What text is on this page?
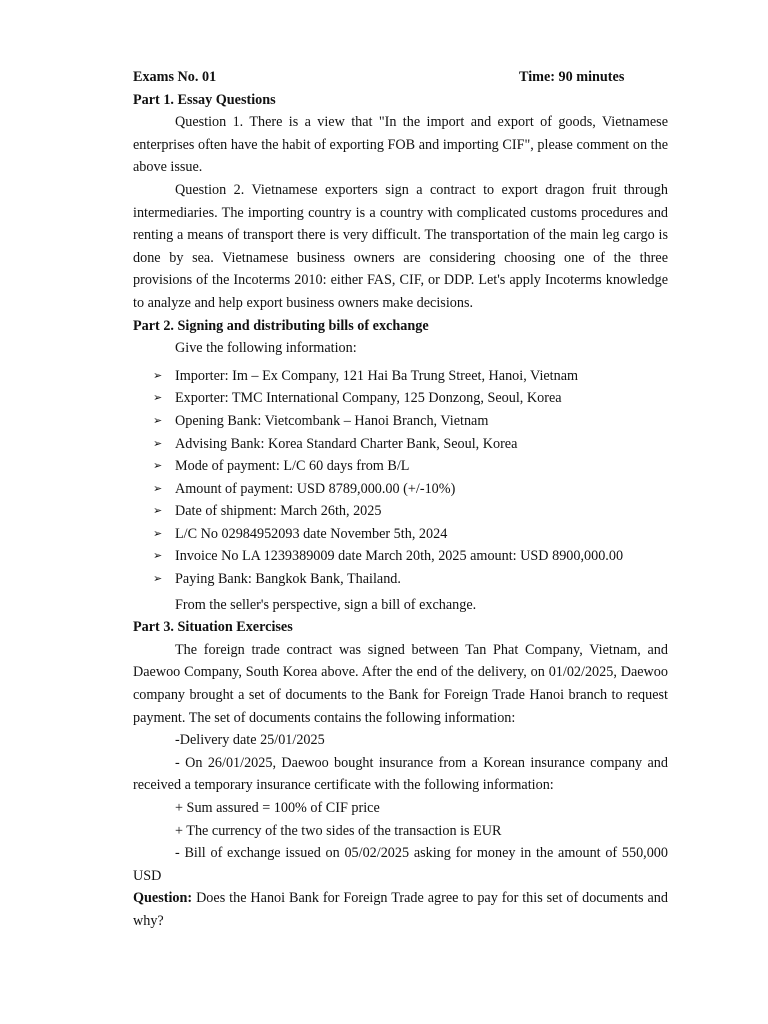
Exams No. 01	Time: 90 minutes
Part 1. Essay Questions
Question 1. There is a view that "In the import and export of goods, Vietnamese enterprises often have the habit of exporting FOB and importing CIF", please comment on the above issue.
Question 2. Vietnamese exporters sign a contract to export dragon fruit through intermediaries. The importing country is a country with complicated customs procedures and renting a means of transport there is very difficult. The transportation of the main leg cargo is done by sea. Vietnamese business owners are considering choosing one of the three provisions of the Incoterms 2010: either FAS, CIF, or DDP. Let's apply Incoterms knowledge to analyze and help export business owners make decisions.
Part 2. Signing and distributing bills of exchange
Give the following information:
➢ Importer: Im – Ex Company, 121 Hai Ba Trung Street, Hanoi, Vietnam
➢ Exporter: TMC International Company, 125 Donzong, Seoul, Korea
➢ Opening Bank: Vietcombank – Hanoi Branch, Vietnam
➢ Advising Bank: Korea Standard Charter Bank, Seoul, Korea
➢ Mode of payment: L/C 60 days from B/L
➢ Amount of payment: USD 8789,000.00 (+/-10%)
➢ Date of shipment: March 26th, 2025
➢ L/C No 02984952093 date November 5th, 2024
➢ Invoice No LA 1239389009 date March 20th, 2025 amount: USD 8900,000.00
➢ Paying Bank: Bangkok Bank, Thailand.
From the seller's perspective, sign a bill of exchange.
Part 3. Situation Exercises
The foreign trade contract was signed between Tan Phat Company, Vietnam, and Daewoo Company, South Korea above. After the end of the delivery, on 01/02/2025, Daewoo company brought a set of documents to the Bank for Foreign Trade Hanoi branch to request payment. The set of documents contains the following information:
-Delivery date 25/01/2025
- On 26/01/2025, Daewoo bought insurance from a Korean insurance company and received a temporary insurance certificate with the following information:
+ Sum assured = 100% of CIF price
+ The currency of the two sides of the transaction is EUR
- Bill of exchange issued on 05/02/2025 asking for money in the amount of 550,000 USD
Question: Does the Hanoi Bank for Foreign Trade agree to pay for this set of documents and why?
